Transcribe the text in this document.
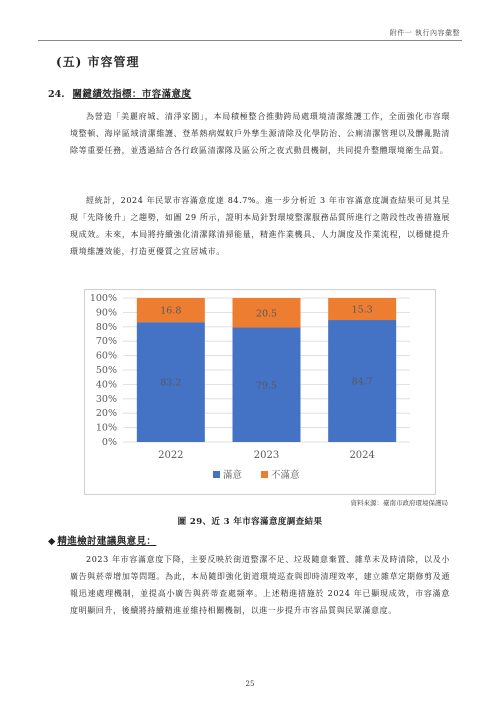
附件一 執行內容彙整
(五) 市容管理
24. 關鍵績效指標：市容滿意度

為營造「美麗府城、清淨家園」，本局積極整合推動跨局處環境清潔維護工作，全面強化市容環境整頓、海岸區域清潔維護、登革熱病媒蚊戶外孳生源清除及化學防治、公廁清潔管理以及髒亂點清除等重要任務，並透過結合各行政區清潔隊及區公所之夜式動員機制，共同提升整體環境衛生品質。

經統計，2024 年民眾市容滿意度達 84.7%。進一步分析近 3 年市容滿意度調查結果可見其呈現「先降後升」之趨勢，如圖 29 所示，證明本局針對環境整潔服務品質所進行之階段性改善措施展現成效。未來，本局將持續強化清潔隊清掃能量，精進作業機具、人力調度及作業流程，以穩健提升環境維護效能，打造更優質之宜居城市。

0%
10%
20%
30%
40%
50%
60%
70%
80%
90%
100%
83.2
16.8
2022
79.5
20.5
2023
84.7
15.3
2024
滿意	不滿意
資料來源：臺南市政府環境保護局
圖 29、近 3 年市容滿意度調查結果
◆ 精進檢討建議與意見：

2023 年市容滿意度下降，主要反映於街道整潔不足、垃圾隨意棄置、雜草未及時清除，以及小廣告與菸蒂增加等問題。為此，本局隨即強化街道環境巡查與即時清理效率，建立雜草定期修剪及通報迅速處理機制，並提高小廣告與菸蒂查處頻率。上述精進措施於 2024 年已顯現成效，市容滿意度明顯回升，後續將持續精進並維持相關機制，以進一步提升市容品質與民眾滿意度。

25
